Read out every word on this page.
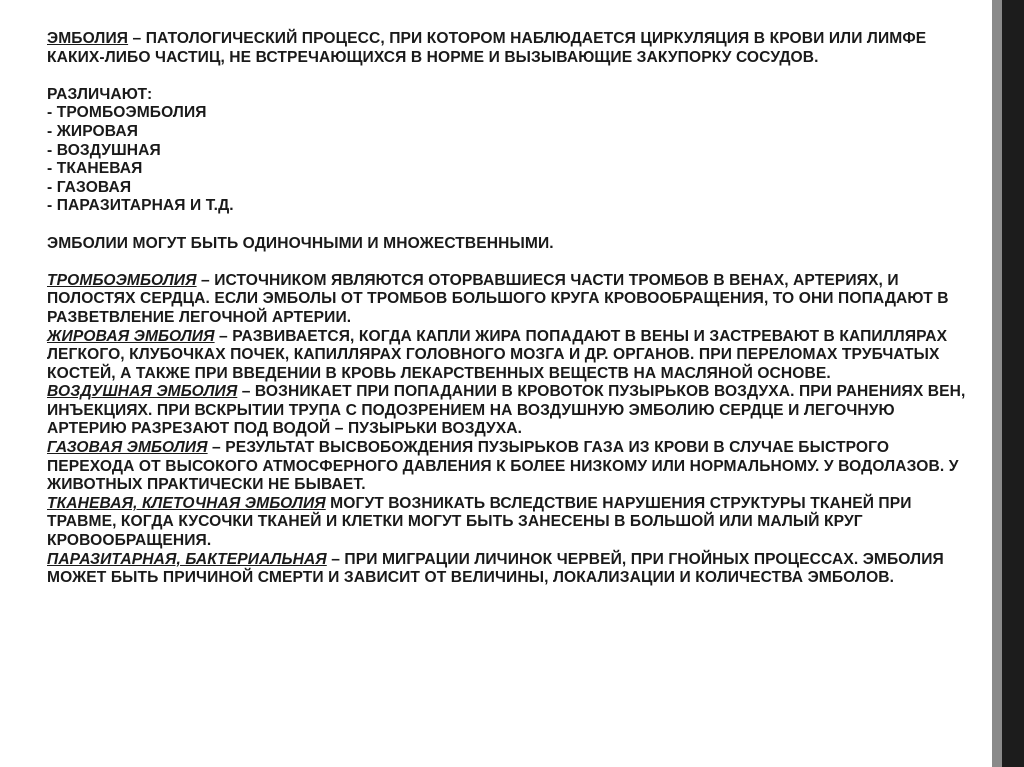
ЭМБОЛИЯ – ПАТОЛОГИЧЕСКИЙ ПРОЦЕСС, ПРИ КОТОРОМ НАБЛЮДАЕТСЯ ЦИРКУЛЯЦИЯ В КРОВИ ИЛИ ЛИМФЕ КАКИХ-ЛИБО ЧАСТИЦ, НЕ ВСТРЕЧАЮЩИХСЯ В НОРМЕ И ВЫЗЫВАЮЩИЕ ЗАКУПОРКУ СОСУДОВ.

РАЗЛИЧАЮТ:

- ТРОМБОЭМБОЛИЯ
- ЖИРОВАЯ
- ВОЗДУШНАЯ
- ТКАНЕВАЯ
- ГАЗОВАЯ
- ПАРАЗИТАРНАЯ И Т.Д.

ЭМБОЛИИ МОГУТ БЫТЬ ОДИНОЧНЫМИ И МНОЖЕСТВЕННЫМИ.

ТРОМБОЭМБОЛИЯ – ИСТОЧНИКОМ ЯВЛЯЮТСЯ ОТОРВАВШИЕСЯ ЧАСТИ ТРОМБОВ В ВЕНАХ, АРТЕРИЯХ, И ПОЛОСТЯХ СЕРДЦА. ЕСЛИ ЭМБОЛЫ ОТ ТРОМБОВ БОЛЬШОГО КРУГА КРОВООБРАЩЕНИЯ, ТО ОНИ ПОПАДАЮТ В РАЗВЕТВЛЕНИЕ ЛЕГОЧНОЙ АРТЕРИИ.

ЖИРОВАЯ ЭМБОЛИЯ – РАЗВИВАЕТСЯ, КОГДА КАПЛИ ЖИРА ПОПАДАЮТ В ВЕНЫ И ЗАСТРЕВАЮТ В КАПИЛЛЯРАХ ЛЕГКОГО, КЛУБОЧКАХ ПОЧЕК, КАПИЛЛЯРАХ ГОЛОВНОГО МОЗГА И ДР. ОРГАНОВ. ПРИ ПЕРЕЛОМАХ ТРУБЧАТЫХ КОСТЕЙ, А ТАКЖЕ ПРИ ВВЕДЕНИИ В КРОВЬ ЛЕКАРСТВЕННЫХ ВЕЩЕСТВ НА МАСЛЯНОЙ ОСНОВЕ.

ВОЗДУШНАЯ ЭМБОЛИЯ – ВОЗНИКАЕТ ПРИ ПОПАДАНИИ В КРОВОТОК ПУЗЫРЬКОВ ВОЗДУХА. ПРИ РАНЕНИЯХ ВЕН, ИНЪЕКЦИЯХ. ПРИ ВСКРЫТИИ ТРУПА С ПОДОЗРЕНИЕМ НА ВОЗДУШНУЮ ЭМБОЛИЮ СЕРДЦЕ И ЛЕГОЧНУЮ АРТЕРИЮ РАЗРЕЗАЮТ ПОД ВОДОЙ – ПУЗЫРЬКИ ВОЗДУХА.

ГАЗОВАЯ ЭМБОЛИЯ – РЕЗУЛЬТАТ ВЫСВОБОЖДЕНИЯ ПУЗЫРЬКОВ ГАЗА ИЗ КРОВИ В СЛУЧАЕ БЫСТРОГО ПЕРЕХОДА ОТ ВЫСОКОГО АТМОСФЕРНОГО ДАВЛЕНИЯ К БОЛЕЕ НИЗКОМУ ИЛИ НОРМАЛЬНОМУ. У ВОДОЛАЗОВ. У ЖИВОТНЫХ ПРАКТИЧЕСКИ НЕ БЫВАЕТ.

ТКАНЕВАЯ, КЛЕТОЧНАЯ ЭМБОЛИЯ МОГУТ ВОЗНИКАТЬ ВСЛЕДСТВИЕ НАРУШЕНИЯ СТРУКТУРЫ ТКАНЕЙ ПРИ ТРАВМЕ, КОГДА КУСОЧКИ ТКАНЕЙ И КЛЕТКИ МОГУТ БЫТЬ ЗАНЕСЕНЫ В БОЛЬШОЙ ИЛИ МАЛЫЙ КРУГ КРОВООБРАЩЕНИЯ.

ПАРАЗИТАРНАЯ, БАКТЕРИАЛЬНАЯ – ПРИ МИГРАЦИИ ЛИЧИНОК ЧЕРВЕЙ, ПРИ ГНОЙНЫХ ПРОЦЕССАХ. ЭМБОЛИЯ МОЖЕТ БЫТЬ ПРИЧИНОЙ СМЕРТИ И ЗАВИСИТ ОТ ВЕЛИЧИНЫ, ЛОКАЛИЗАЦИИ И КОЛИЧЕСТВА ЭМБОЛОВ.
